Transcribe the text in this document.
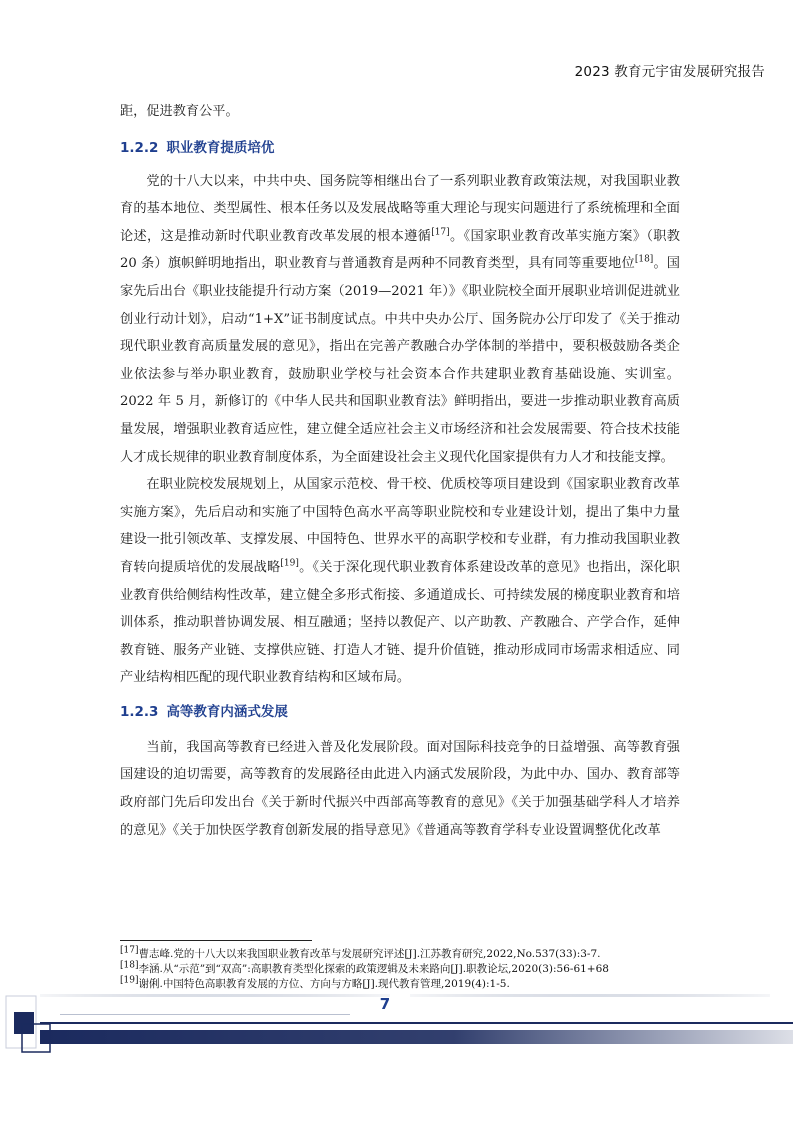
2023 教育元宇宙发展研究报告

距，促进教育公平。

1.2.2 职业教育提质培优

党的十八大以来，中共中央、国务院等相继出台了一系列职业教育政策法规，对我国职业教育的基本地位、类型属性、根本任务以及发展战略等重大理论与现实问题进行了系统梳理和全面论述，这是推动新时代职业教育改革发展的根本遵循[17]。《国家职业教育改革实施方案》（职教 20 条）旗帜鲜明地指出，职业教育与普通教育是两种不同教育类型，具有同等重要地位[18]。国家先后出台《职业技能提升行动方案（2019—2021 年）》《职业院校全面开展职业培训促进就业创业行动计划》，启动“1+X”证书制度试点。中共中央办公厅、国务院办公厅印发了《关于推动现代职业教育高质量发展的意见》，指出在完善产教融合办学体制的举措中，要积极鼓励各类企业依法参与举办职业教育，鼓励职业学校与社会资本合作共建职业教育基础设施、实训室。2022 年 5 月，新修订的《中华人民共和国职业教育法》鲜明指出，要进一步推动职业教育高质量发展，增强职业教育适应性，建立健全适应社会主义市场经济和社会发展需要、符合技术技能人才成长规律的职业教育制度体系，为全面建设社会主义现代化国家提供有力人才和技能支撑。

在职业院校发展规划上，从国家示范校、骨干校、优质校等项目建设到《国家职业教育改革实施方案》，先后启动和实施了中国特色高水平高等职业院校和专业建设计划，提出了集中力量建设一批引领改革、支撑发展、中国特色、世界水平的高职学校和专业群，有力推动我国职业教育转向提质培优的发展战略[19]。《关于深化现代职业教育体系建设改革的意见》也指出，深化职业教育供给侧结构性改革，建立健全多形式衔接、多通道成长、可持续发展的梯度职业教育和培训体系，推动职普协调发展、相互融通；坚持以教促产、以产助教、产教融合、产学合作，延伸教育链、服务产业链、支撑供应链、打造人才链、提升价值链，推动形成同市场需求相适应、同产业结构相匹配的现代职业教育结构和区域布局。

1.2.3 高等教育内涵式发展

当前，我国高等教育已经进入普及化发展阶段。面对国际科技竞争的日益增强、高等教育强国建设的迫切需要，高等教育的发展路径由此进入内涵式发展阶段，为此中办、国办、教育部等政府部门先后印发出台《关于新时代振兴中西部高等教育的意见》《关于加强基础学科人才培养的意见》《关于加快医学教育创新发展的指导意见》《普通高等教育学科专业设置调整优化改革

[17]曹志峰.党的十八大以来我国职业教育改革与发展研究评述[J].江苏教育研究,2022,No.537(33):3-7.
[18]李涵.从“示范”到“双高”:高职教育类型化探索的政策逻辑及未来路向[J].职教论坛,2020(3):56-61+68
[19]谢俐.中国特色高职教育发展的方位、方向与方略[J].现代教育管理,2019(4):1-5.
7
